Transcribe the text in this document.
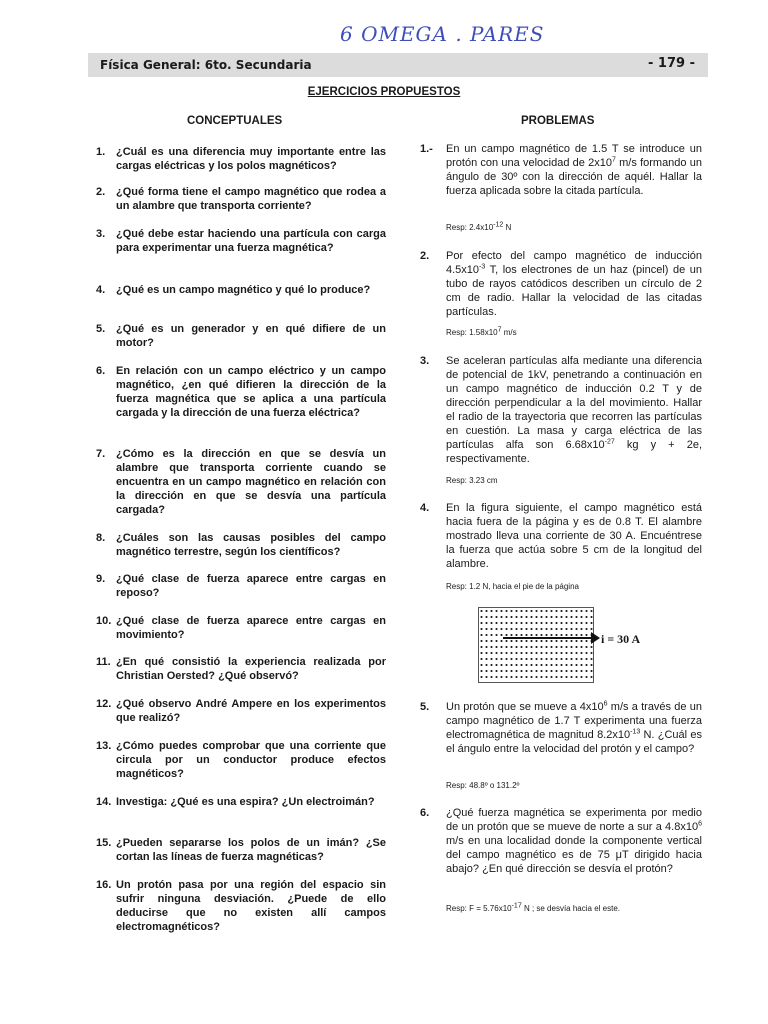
6 OMEGA . PARES
Física General: 6to. Secundaria	- 179 -
EJERCICIOS PROPUESTOS
CONCEPTUALES	PROBLEMAS
1. ¿Cuál es una diferencia muy importante entre las cargas eléctricas y los polos magnéticos?
2. ¿Qué forma tiene el campo magnético que rodea a un alambre que transporta corriente?
3. ¿Qué debe estar haciendo una partícula con carga para experimentar una fuerza magnética?
4. ¿Qué es un campo magnético y qué lo produce?
5. ¿Qué es un generador y en qué difiere de un motor?
6. En relación con un campo eléctrico y un campo magnético, ¿en qué difieren la dirección de la fuerza magnética que se aplica a una partícula cargada y la dirección de una fuerza eléctrica?
7. ¿Cómo es la dirección en que se desvía un alambre que transporta corriente cuando se encuentra en un campo magnético en relación con la dirección en que se desvía una partícula cargada?
8. ¿Cuáles son las causas posibles del campo magnético terrestre, según los científicos?
9. ¿Qué clase de fuerza aparece entre cargas en reposo?
10. ¿Qué clase de fuerza aparece entre cargas en movimiento?
11. ¿En qué consistió la experiencia realizada por Christian Oersted? ¿Qué observó?
12. ¿Qué observo André Ampere en los experimentos que realizó?
13. ¿Cómo puedes comprobar que una corriente que circula por un conductor produce efectos magnéticos?
14. Investiga: ¿Qué es una espira? ¿Un electroimán?
15. ¿Pueden separarse los polos de un imán? ¿Se cortan las líneas de fuerza magnéticas?
16. Un protón pasa por una región del espacio sin sufrir ninguna desviación. ¿Puede de ello deducirse que no existen allí campos electromagnéticos?
1.- En un campo magnético de 1.5 T se introduce un protón con una velocidad de $2x10^7$ m/s formando un ángulo de 30º con la dirección de aquél. Hallar la fuerza aplicada sobre la citada partícula.
Resp: $2.4x10^{-12}$ N
2. Por efecto del campo magnético de inducción $4.5x10^{-3}$ T, los electrones de un haz (pincel) de un tubo de rayos catódicos describen un círculo de 2 cm de radio. Hallar la velocidad de las citadas partículas.
Resp: $1.58x10^7$ m/s
3. Se aceleran partículas alfa mediante una diferencia de potencial de 1kV, penetrando a continuación en un campo magnético de inducción 0.2 T y de dirección perpendicular a la del movimiento. Hallar el radio de la trayectoria que recorren las partículas en cuestión. La masa y carga eléctrica de las partículas alfa son $6.68x10^{-27}$ kg y + 2e, respectivamente.
Resp: 3.23 cm
4. En la figura siguiente, el campo magnético está hacia fuera de la página y es de 0.8 T. El alambre mostrado lleva una corriente de 30 A. Encuéntrese la fuerza que actúa sobre 5 cm de la longitud del alambre.
Resp: 1.2 N, hacia el pie de la página
i = 30 A
5. Un protón que se mueve a $4x10^6$ m/s a través de un campo magnético de 1.7 T experimenta una fuerza electromagnética de magnitud $8.2x10^{-13}$ N. ¿Cuál es el ángulo entre la velocidad del protón y el campo?
Resp: 48.8º o 131.2º
6. ¿Qué fuerza magnética se experimenta por medio de un protón que se mueve de norte a sur a $4.8x10^6$ m/s en una localidad donde la componente vertical del campo magnético es de 75 μT dirigido hacia abajo? ¿En qué dirección se desvía el protón?
Resp: $F = 5.76x10^{-17}$ N ; se desvía hacia el este.
